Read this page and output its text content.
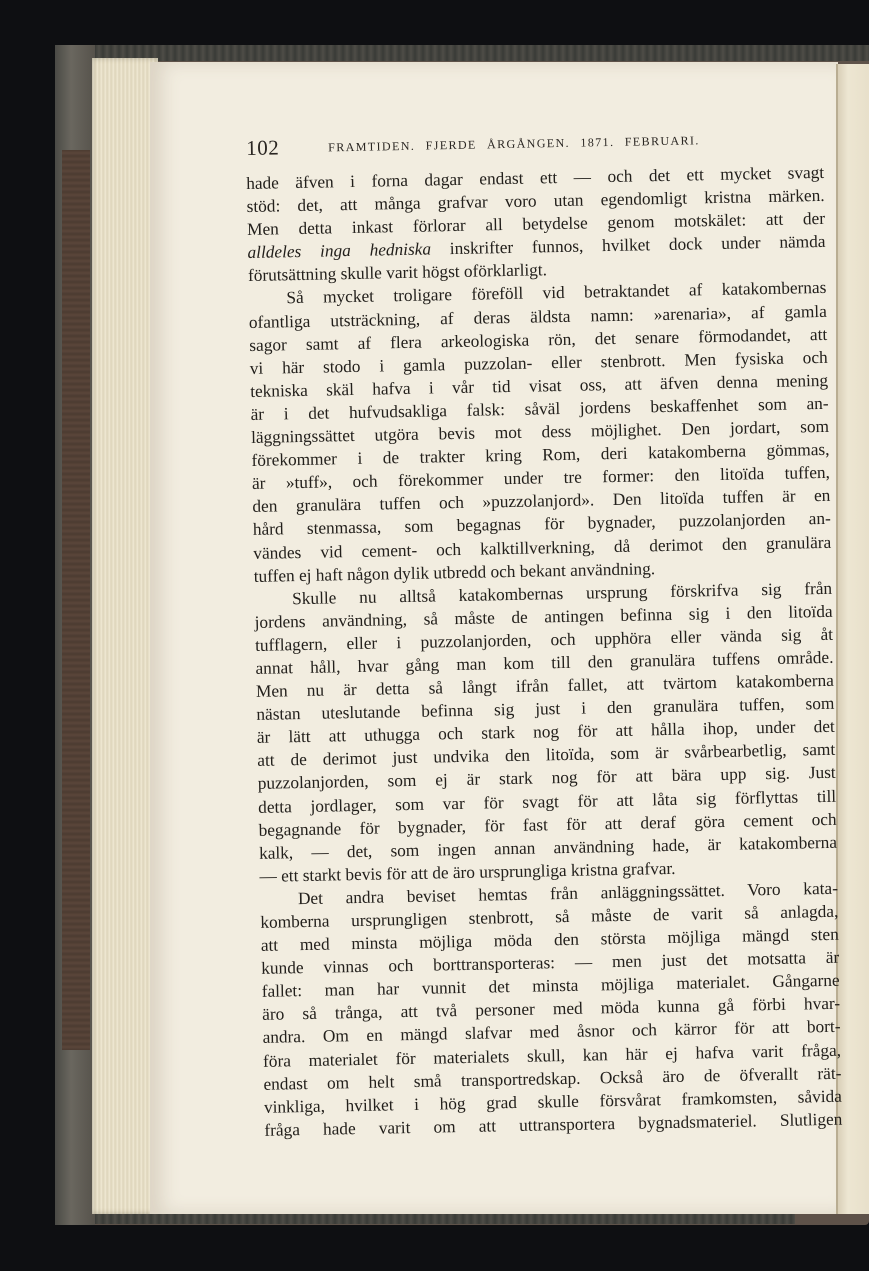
102	FRAMTIDEN. FJERDE ÅRGÅNGEN. 1871. FEBRUARI.
hade äfven i forna dagar endast ett — och det ett mycket svagt
stöd: det, att många grafvar voro utan egendomligt kristna märken.
Men detta inkast förlorar all betydelse genom motskälet: att der
alldeles inga hedniska inskrifter funnos, hvilket dock under nämda
förutsättning skulle varit högst oförklarligt.
Så mycket troligare föreföll vid betraktandet af katakombernas
ofantliga utsträckning, af deras äldsta namn: »arenaria», af gamla
sagor samt af flera arkeologiska rön, det senare förmodandet, att
vi här stodo i gamla puzzolan- eller stenbrott. Men fysiska och
tekniska skäl hafva i vår tid visat oss, att äfven denna mening
är i det hufvudsakliga falsk: såväl jordens beskaffenhet som an-
läggningssättet utgöra bevis mot dess möjlighet. Den jordart, som
förekommer i de trakter kring Rom, deri katakomberna gömmas,
är »tuff», och förekommer under tre former: den litoïda tuffen,
den granulära tuffen och »puzzolanjord». Den litoïda tuffen är en
hård stenmassa, som begagnas för bygnader, puzzolanjorden an-
vändes vid cement- och kalktillverkning, då derimot den granulära
tuffen ej haft någon dylik utbredd och bekant användning.
Skulle nu alltså katakombernas ursprung förskrifva sig från
jordens användning, så måste de antingen befinna sig i den litoïda
tufflagern, eller i puzzolanjorden, och upphöra eller vända sig åt
annat håll, hvar gång man kom till den granulära tuffens område.
Men nu är detta så långt ifrån fallet, att tvärtom katakomberna
nästan uteslutande befinna sig just i den granulära tuffen, som
är lätt att uthugga och stark nog för att hålla ihop, under det
att de derimot just undvika den litoïda, som är svårbearbetlig, samt
puzzolanjorden, som ej är stark nog för att bära upp sig. Just
detta jordlager, som var för svagt för att låta sig förflyttas till
begagnande för bygnader, för fast för att deraf göra cement och
kalk, — det, som ingen annan användning hade, är katakomberna
— ett starkt bevis för att de äro ursprungliga kristna grafvar.
Det andra beviset hemtas från anläggningssättet. Voro kata-
komberna ursprungligen stenbrott, så måste de varit så anlagda,
att med minsta möjliga möda den största möjliga mängd sten
kunde vinnas och borttransporteras: — men just det motsatta är
fallet: man har vunnit det minsta möjliga materialet. Gångarne
äro så trånga, att två personer med möda kunna gå förbi hvar-
andra. Om en mängd slafvar med åsnor och kärror för att bort-
föra materialet för materialets skull, kan här ej hafva varit fråga,
endast om helt små transportredskap. Också äro de öfverallt rät-
vinkliga, hvilket i hög grad skulle försvårat framkomsten, såvida
fråga hade varit om att uttransportera bygnadsmateriel. Slutligen
